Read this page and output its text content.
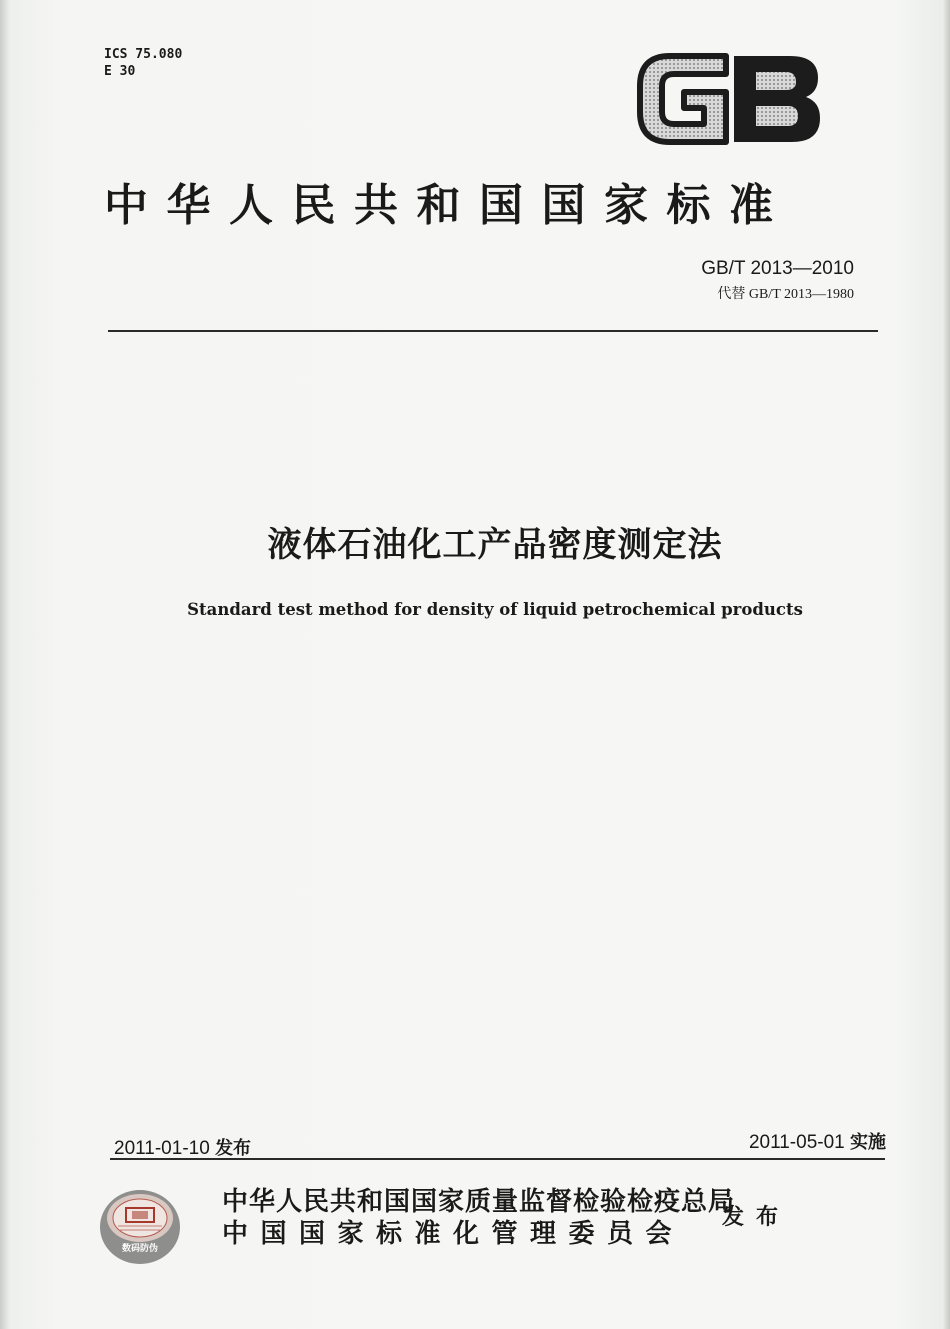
ICS 75.080
E 30
中华人民共和国国家标准
GB/T 2013—2010
代替 GB/T 2013—1980
液体石油化工产品密度测定法
Standard test method for density of liquid petrochemical products
2011-01-10 发布	2011-05-01 实施
数码防伪
中华人民共和国国家质量监督检验检疫总局
中国国家标准化管理委员会
发布
